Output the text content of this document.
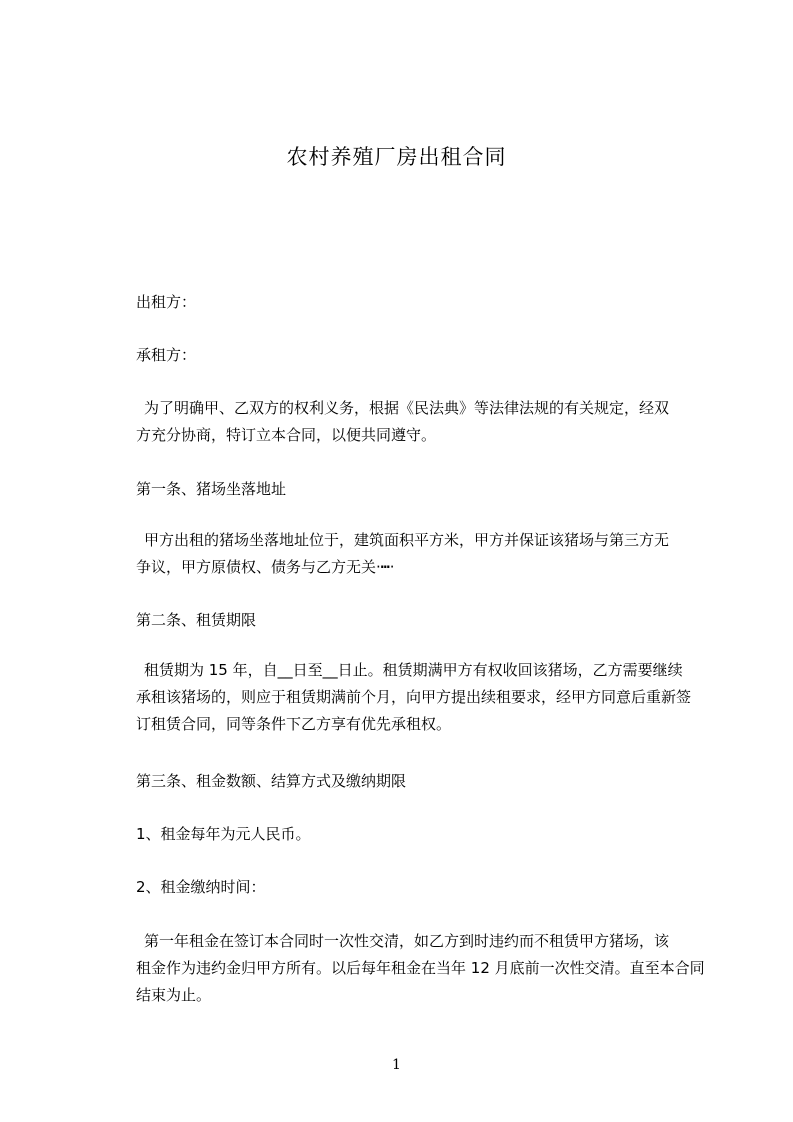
农村养殖厂房出租合同
出租方：
承租方：
为了明确甲、乙双方的权利义务，根据《民法典》等法律法规的有关规定，经双
方充分协商，特订立本合同，以便共同遵守。
第一条、猪场坐落地址
甲方出租的猪场坐落地址位于，建筑面积平方米，甲方并保证该猪场与第三方无
争议，甲方原债权、债务与乙方无关·┅·
第二条、租赁期限
租赁期为 15 年，自__日至__日止。租赁期满甲方有权收回该猪场，乙方需要继续
承租该猪场的，则应于租赁期满前个月，向甲方提出续租要求，经甲方同意后重新签
订租赁合同，同等条件下乙方享有优先承租权。
第三条、租金数额、结算方式及缴纳期限
1、租金每年为元人民币。
2、租金缴纳时间：
第一年租金在签订本合同时一次性交清，如乙方到时违约而不租赁甲方猪场，该
租金作为违约金归甲方所有。以后每年租金在当年 12 月底前一次性交清。直至本合同
结束为止。
1
